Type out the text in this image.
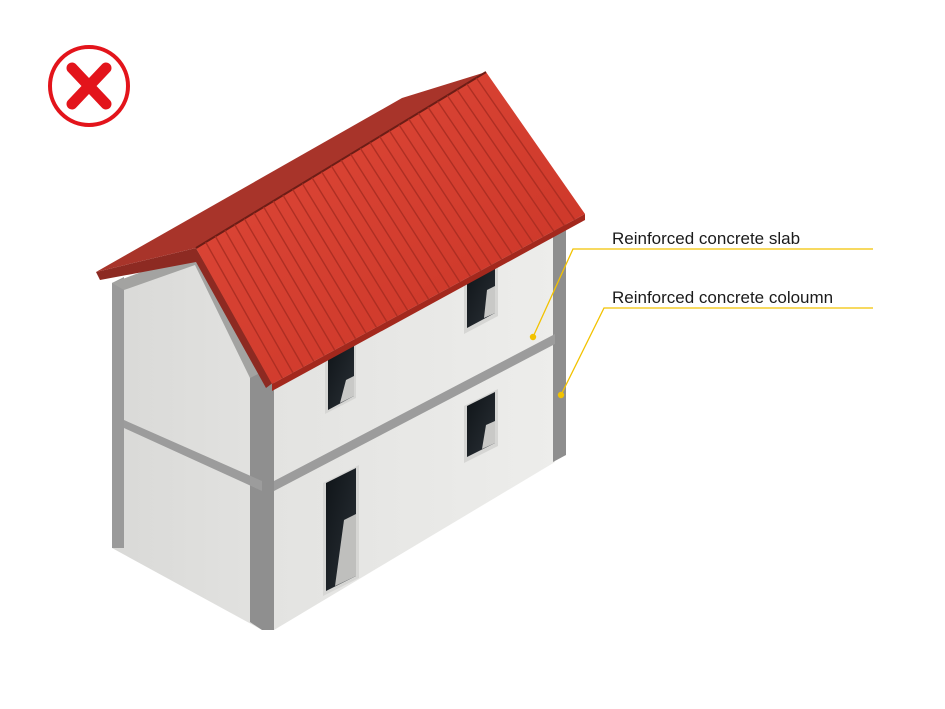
Reinforced concrete slab
Reinforced concrete coloumn
